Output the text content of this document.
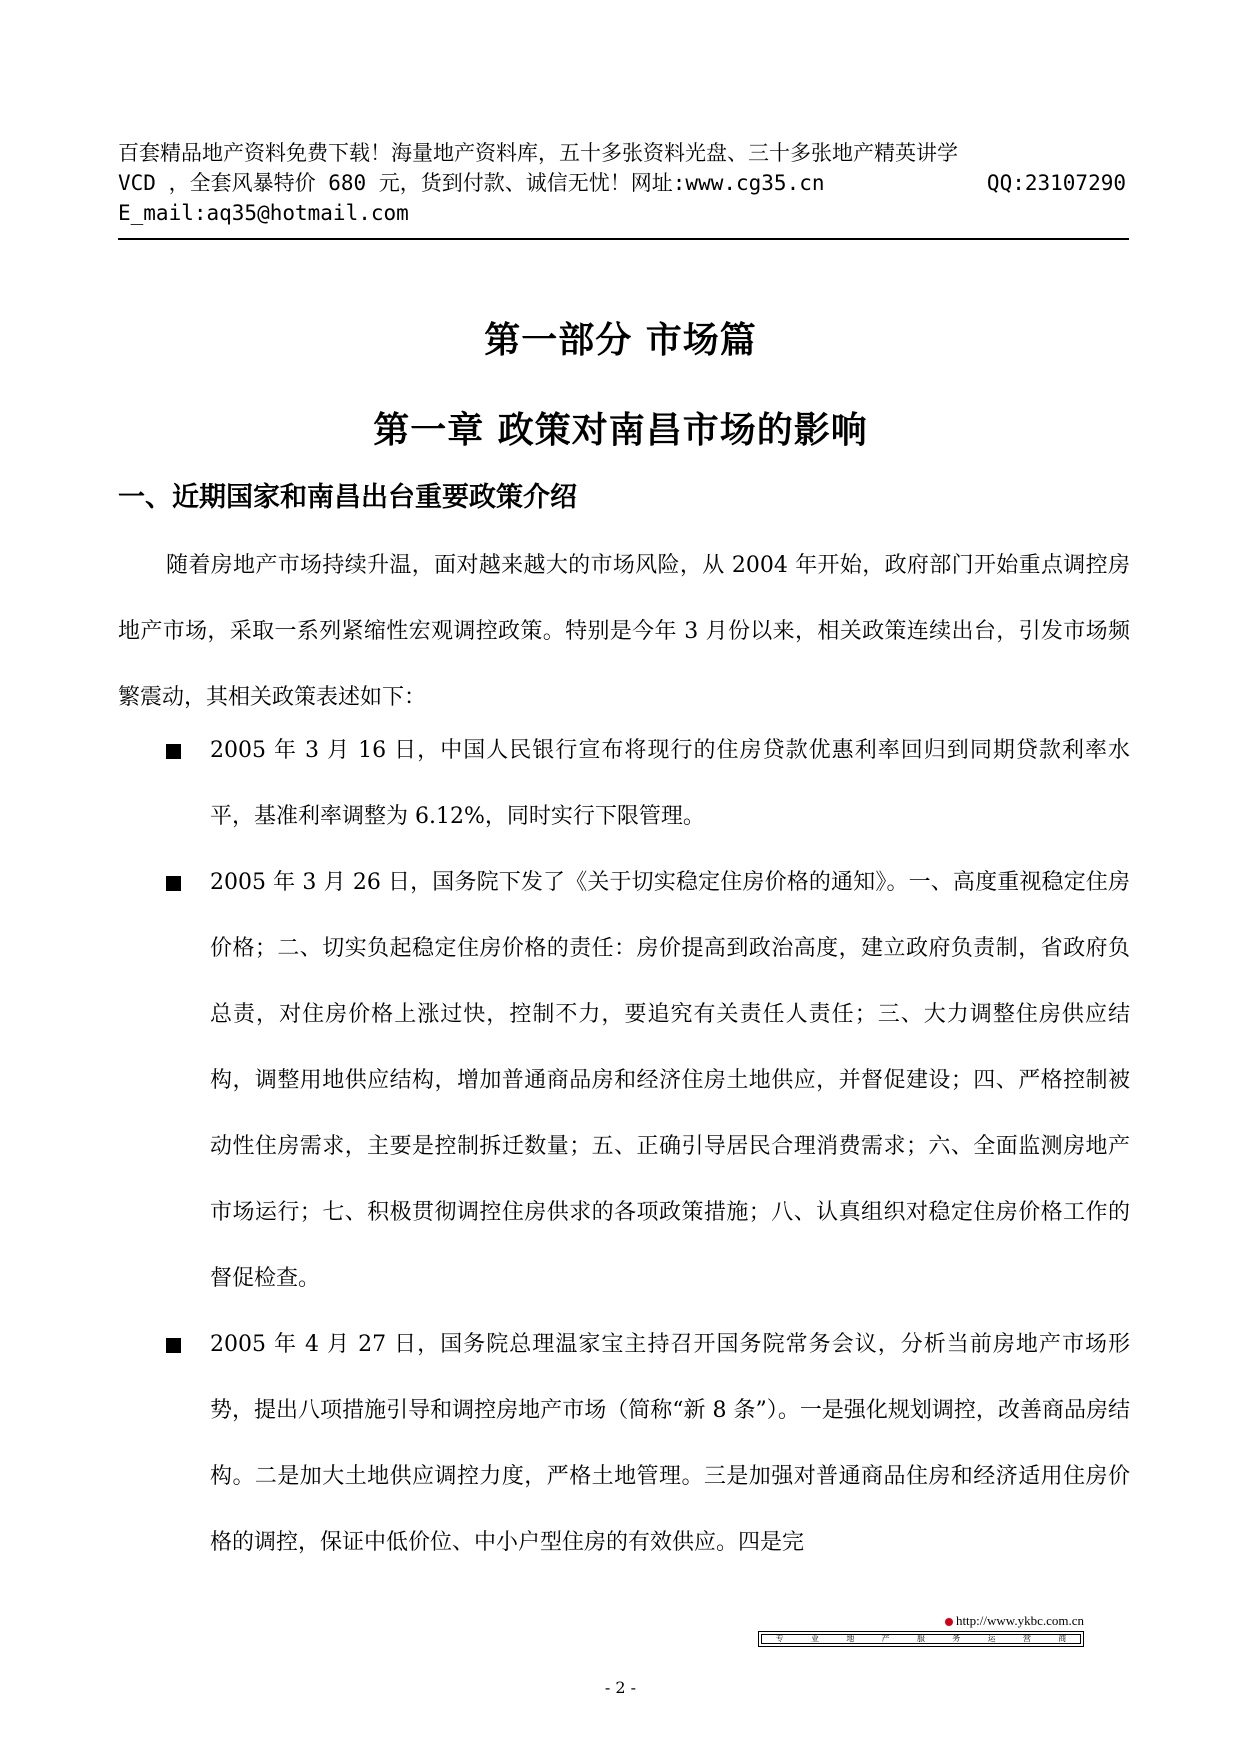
百套精品地产资料免费下载！海量地产资料库，五十多张资料光盘、三十多张地产精英讲学
VCD ，全套风暴特价 680 元，货到付款、诚信无忧！网址:www.cg35.cn	QQ:23107290
E_mail:aq35@hotmail.com
第一部分 市场篇
第一章 政策对南昌市场的影响
一、近期国家和南昌出台重要政策介绍
随着房地产市场持续升温，面对越来越大的市场风险，从 2004 年开始，政府部门开始重点调控房地产市场，采取一系列紧缩性宏观调控政策。特别是今年 3 月份以来，相关政策连续出台，引发市场频繁震动，其相关政策表述如下：
2005 年 3 月 16 日，中国人民银行宣布将现行的住房贷款优惠利率回归到同期贷款利率水平，基准利率调整为 6.12%，同时实行下限管理。
2005 年 3 月 26 日，国务院下发了《关于切实稳定住房价格的通知》。一、高度重视稳定住房价格；二、切实负起稳定住房价格的责任：房价提高到政治高度，建立政府负责制，省政府负总责，对住房价格上涨过快，控制不力，要追究有关责任人责任；三、大力调整住房供应结构，调整用地供应结构，增加普通商品房和经济住房土地供应，并督促建设；四、严格控制被动性住房需求，主要是控制拆迁数量；五、正确引导居民合理消费需求；六、全面监测房地产市场运行；七、积极贯彻调控住房供求的各项政策措施；八、认真组织对稳定住房价格工作的督促检查。
2005 年 4 月 27 日，国务院总理温家宝主持召开国务院常务会议，分析当前房地产市场形势，提出八项措施引导和调控房地产市场（简称“新 8 条”）。一是强化规划调控，改善商品房结构。二是加大土地供应调控力度，严格土地管理。三是加强对普通商品住房和经济适用住房价格的调控，保证中低价位、中小户型住房的有效供应。四是完
http://www.ykbc.com.cn
专	业	地	产	服	务	运	营	商
- 2 -
